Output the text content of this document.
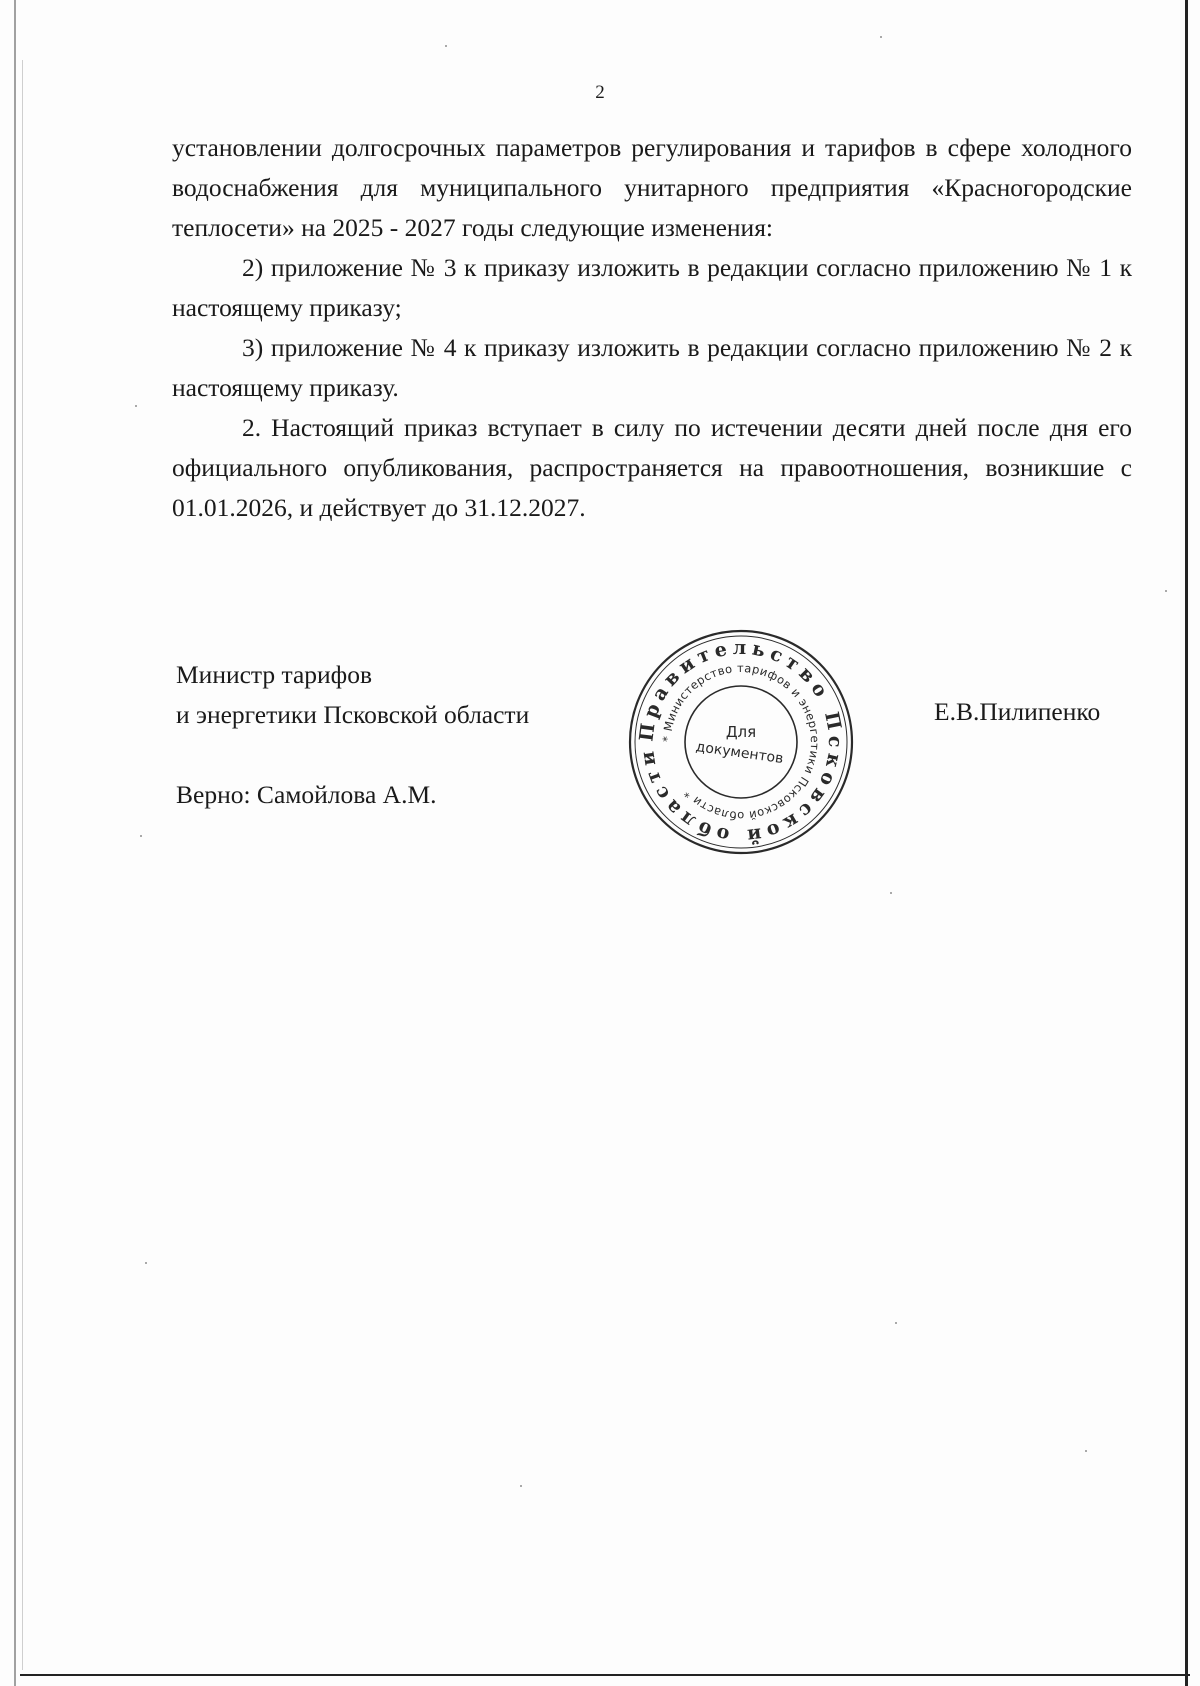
2

установлении долгосрочных параметров регулирования и тарифов в сфере холодного водоснабжения для муниципального унитарного предприятия «Красногородские теплосети» на 2025 - 2027 годы следующие изменения:

2) приложение № 3 к приказу изложить в редакции согласно приложению № 1 к настоящему приказу;

3) приложение № 4 к приказу изложить в редакции согласно приложению № 2 к настоящему приказу.

2. Настоящий приказ вступает в силу по истечении десяти дней после дня его официального опубликования, распространяется на правоотношения, возникшие с 01.01.2026, и действует до 31.12.2027.

Министр тарифов
и энергетики Псковской области
Верно: Самойлова А.М.
Е.В.Пилипенко
Правительство Псковской области
* Министерство тарифов и энергетики Псковской области *
Для
документов
